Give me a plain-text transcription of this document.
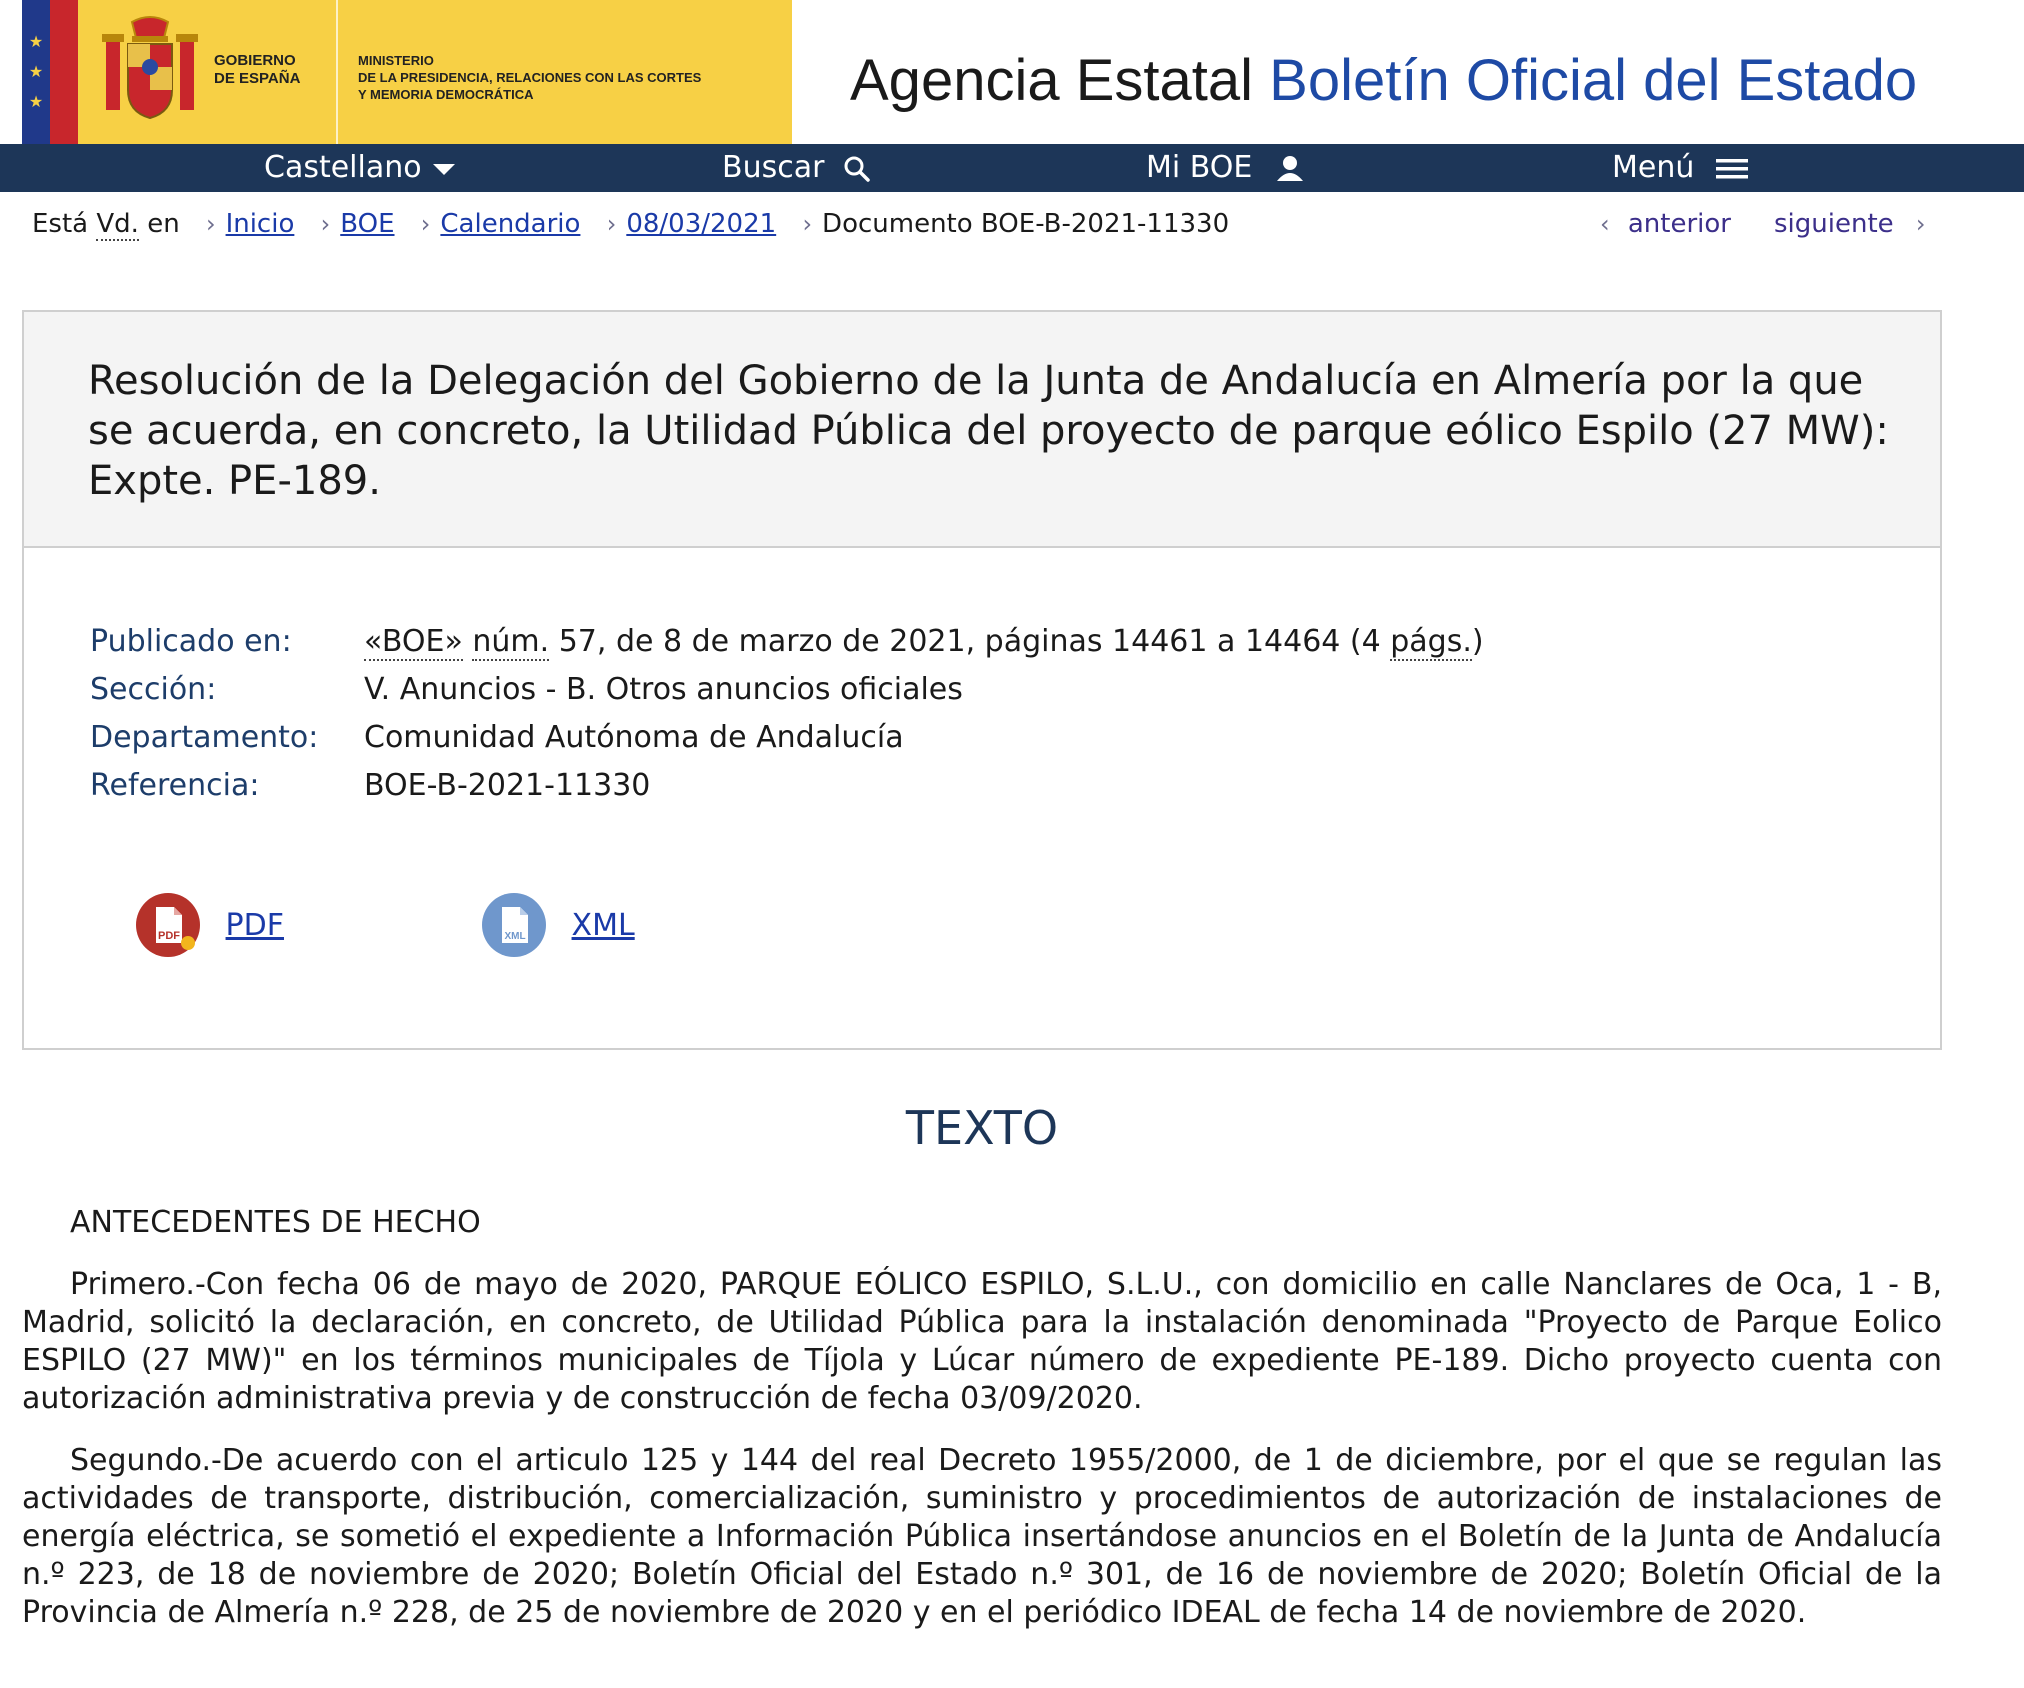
★
★
★
GOBIERNO
DE ESPAÑA
MINISTERIO
DE LA PRESIDENCIA, RELACIONES CON LAS CORTES
Y MEMORIA DEMOCRÁTICA	Agencia Estatal Boletín Oficial del Estado
Castellano	Buscar	Mi BOE	Menú
Está Vd. en › Inicio › BOE › Calendario › 08/03/2021 › Documento BOE-B-2021-11330	‹ anterior siguiente ›
Resolución de la Delegación del Gobierno de la Junta de Andalucía en Almería por la que se acuerda, en concreto, la Utilidad Pública del proyecto de parque eólico Espilo (27 MW): Expte. PE-189.
Publicado en: «BOE» núm. 57, de 8 de marzo de 2021, páginas 14461 a 14464 (4 págs.)
Sección:	V. Anuncios - B. Otros anuncios oficiales
Departamento: Comunidad Autónoma de Andalucía
Referencia:	BOE-B-2021-11330
PDF PDF	XML XML
TEXTO
ANTECEDENTES DE HECHO
Primero.-Con fecha 06 de mayo de 2020, PARQUE EÓLICO ESPILO, S.L.U., con domicilio en calle Nanclares de Oca, 1 - B, Madrid, solicitó la declaración, en concreto, de Utilidad Pública para la instalación denominada "Proyecto de Parque Eolico ESPILO (27 MW)" en los términos municipales de Tíjola y Lúcar número de expediente PE-189. Dicho proyecto cuenta con autorización administrativa previa y de construcción de fecha 03/09/2020.
Segundo.-De acuerdo con el articulo 125 y 144 del real Decreto 1955/2000, de 1 de diciembre, por el que se regulan las actividades de transporte, distribución, comercialización, suministro y procedimientos de autorización de instalaciones de energía eléctrica, se sometió el expediente a Información Pública insertándose anuncios en el Boletín de la Junta de Andalucía n.º 223, de 18 de noviembre de 2020; Boletín Oficial del Estado n.º 301, de 16 de noviembre de 2020; Boletín Oficial de la Provincia de Almería n.º 228, de 25 de noviembre de 2020 y en el periódico IDEAL de fecha 14 de noviembre de 2020.
